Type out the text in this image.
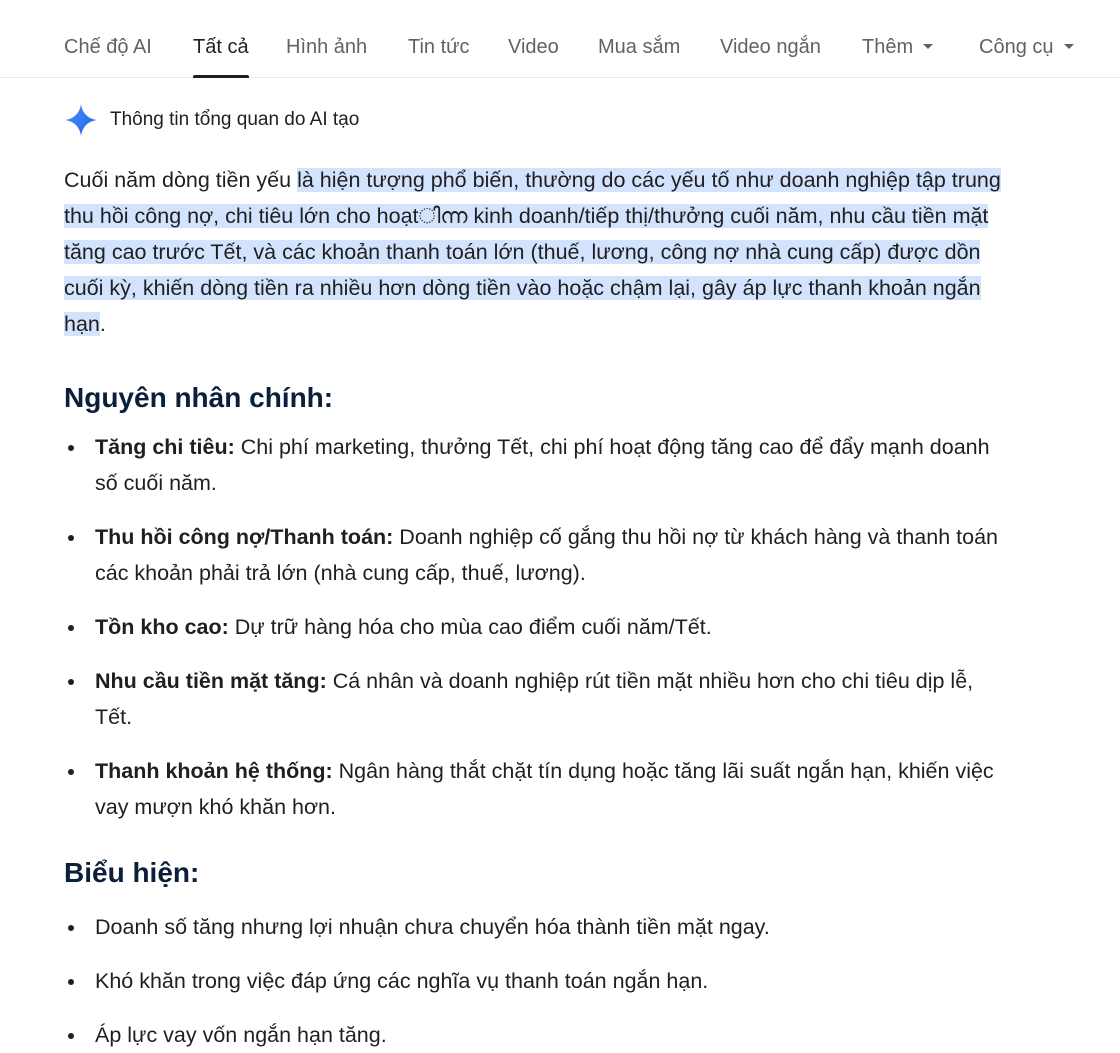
Chế độ AI Tất cả Hình ảnh Tin tức Video Mua sắm Video ngắn Thêm	Công cụ
Thông tin tổng quan do AI tạo

Cuối năm dòng tiền yếu là hiện tượng phổ biến, thường do các yếu tố như doanh nghiệp tập trung thu hồi công nợ, chi tiêu lớn cho hoạtിന്ന kinh doanh/tiếp thị/thưởng cuối năm, nhu cầu tiền mặt tăng cao trước Tết, và các khoản thanh toán lớn (thuế, lương, công nợ nhà cung cấp) được dồn cuối kỳ, khiến dòng tiền ra nhiều hơn dòng tiền vào hoặc chậm lại, gây áp lực thanh khoản ngắn hạn.

Nguyên nhân chính:
Tăng chi tiêu: Chi phí marketing, thưởng Tết, chi phí hoạt động tăng cao để đẩy mạnh doanh số cuối năm.
Thu hồi công nợ/Thanh toán: Doanh nghiệp cố gắng thu hồi nợ từ khách hàng và thanh toán các khoản phải trả lớn (nhà cung cấp, thuế, lương).
Tồn kho cao: Dự trữ hàng hóa cho mùa cao điểm cuối năm/Tết.
Nhu cầu tiền mặt tăng: Cá nhân và doanh nghiệp rút tiền mặt nhiều hơn cho chi tiêu dịp lễ, Tết.
Thanh khoản hệ thống: Ngân hàng thắt chặt tín dụng hoặc tăng lãi suất ngắn hạn, khiến việc vay mượn khó khăn hơn.
Biểu hiện:
Doanh số tăng nhưng lợi nhuận chưa chuyển hóa thành tiền mặt ngay.
Khó khăn trong việc đáp ứng các nghĩa vụ thanh toán ngắn hạn.
Áp lực vay vốn ngắn hạn tăng.
